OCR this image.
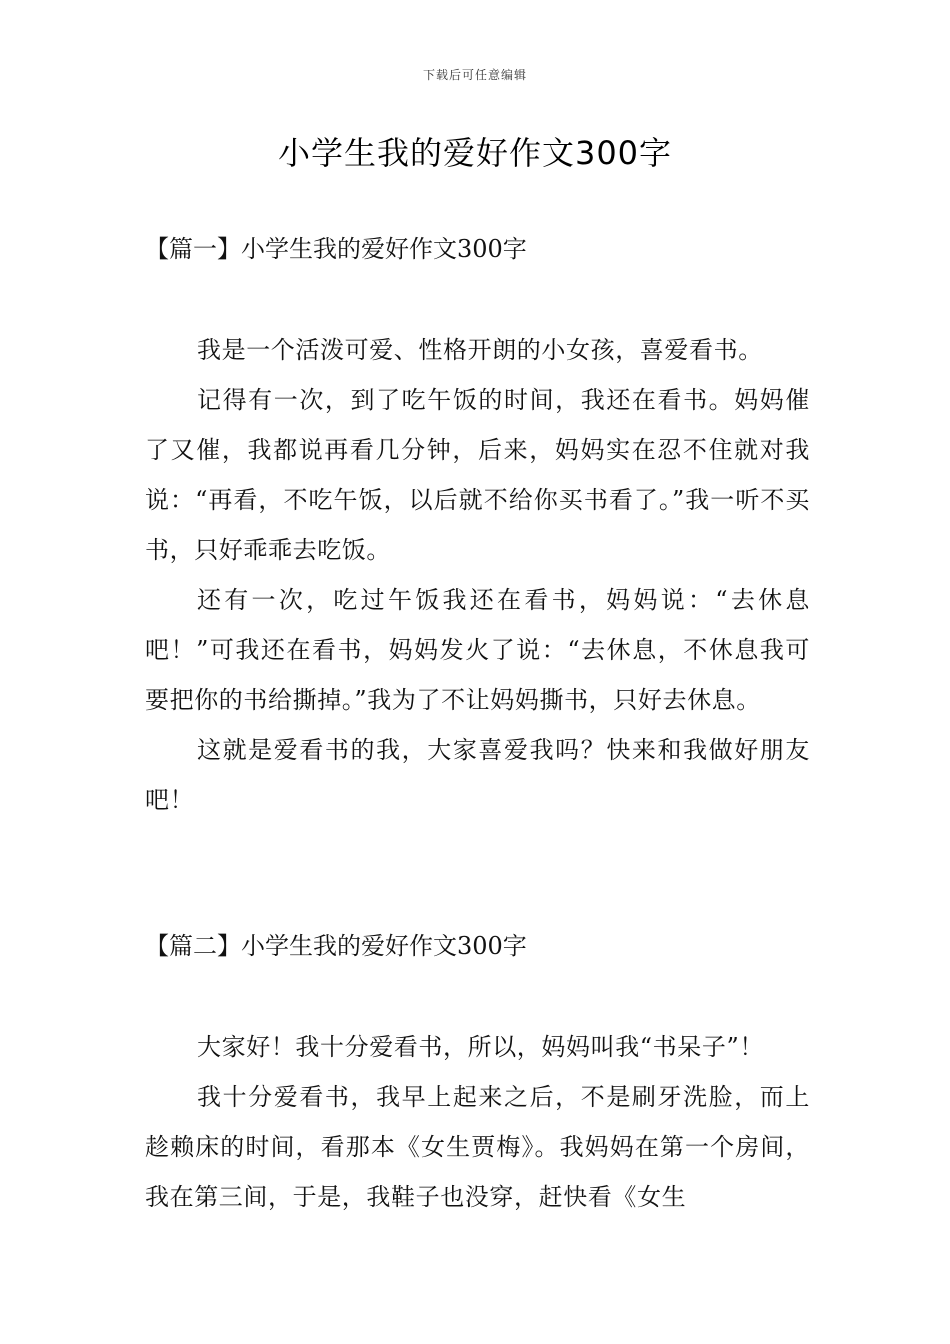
下载后可任意编辑
小学生我的爱好作文300字
【篇一】小学生我的爱好作文300字

我是一个活泼可爱、性格开朗的小女孩，喜爱看书。

记得有一次，到了吃午饭的时间，我还在看书。妈妈催了又催，我都说再看几分钟，后来，妈妈实在忍不住就对我说：“再看，不吃午饭，以后就不给你买书看了。”我一听不买书，只好乖乖去吃饭。

还有一次，吃过午饭我还在看书，妈妈说：“去休息吧！”可我还在看书，妈妈发火了说：“去休息，不休息我可要把你的书给撕掉。”我为了不让妈妈撕书，只好去休息。

这就是爱看书的我，大家喜爱我吗？快来和我做好朋友吧！

【篇二】小学生我的爱好作文300字

大家好！我十分爱看书，所以，妈妈叫我“书呆子”！

我十分爱看书，我早上起来之后，不是刷牙洗脸，而上趁赖床的时间，看那本《女生贾梅》。我妈妈在第一个房间，我在第三间，于是，我鞋子也没穿，赶快看《女生
